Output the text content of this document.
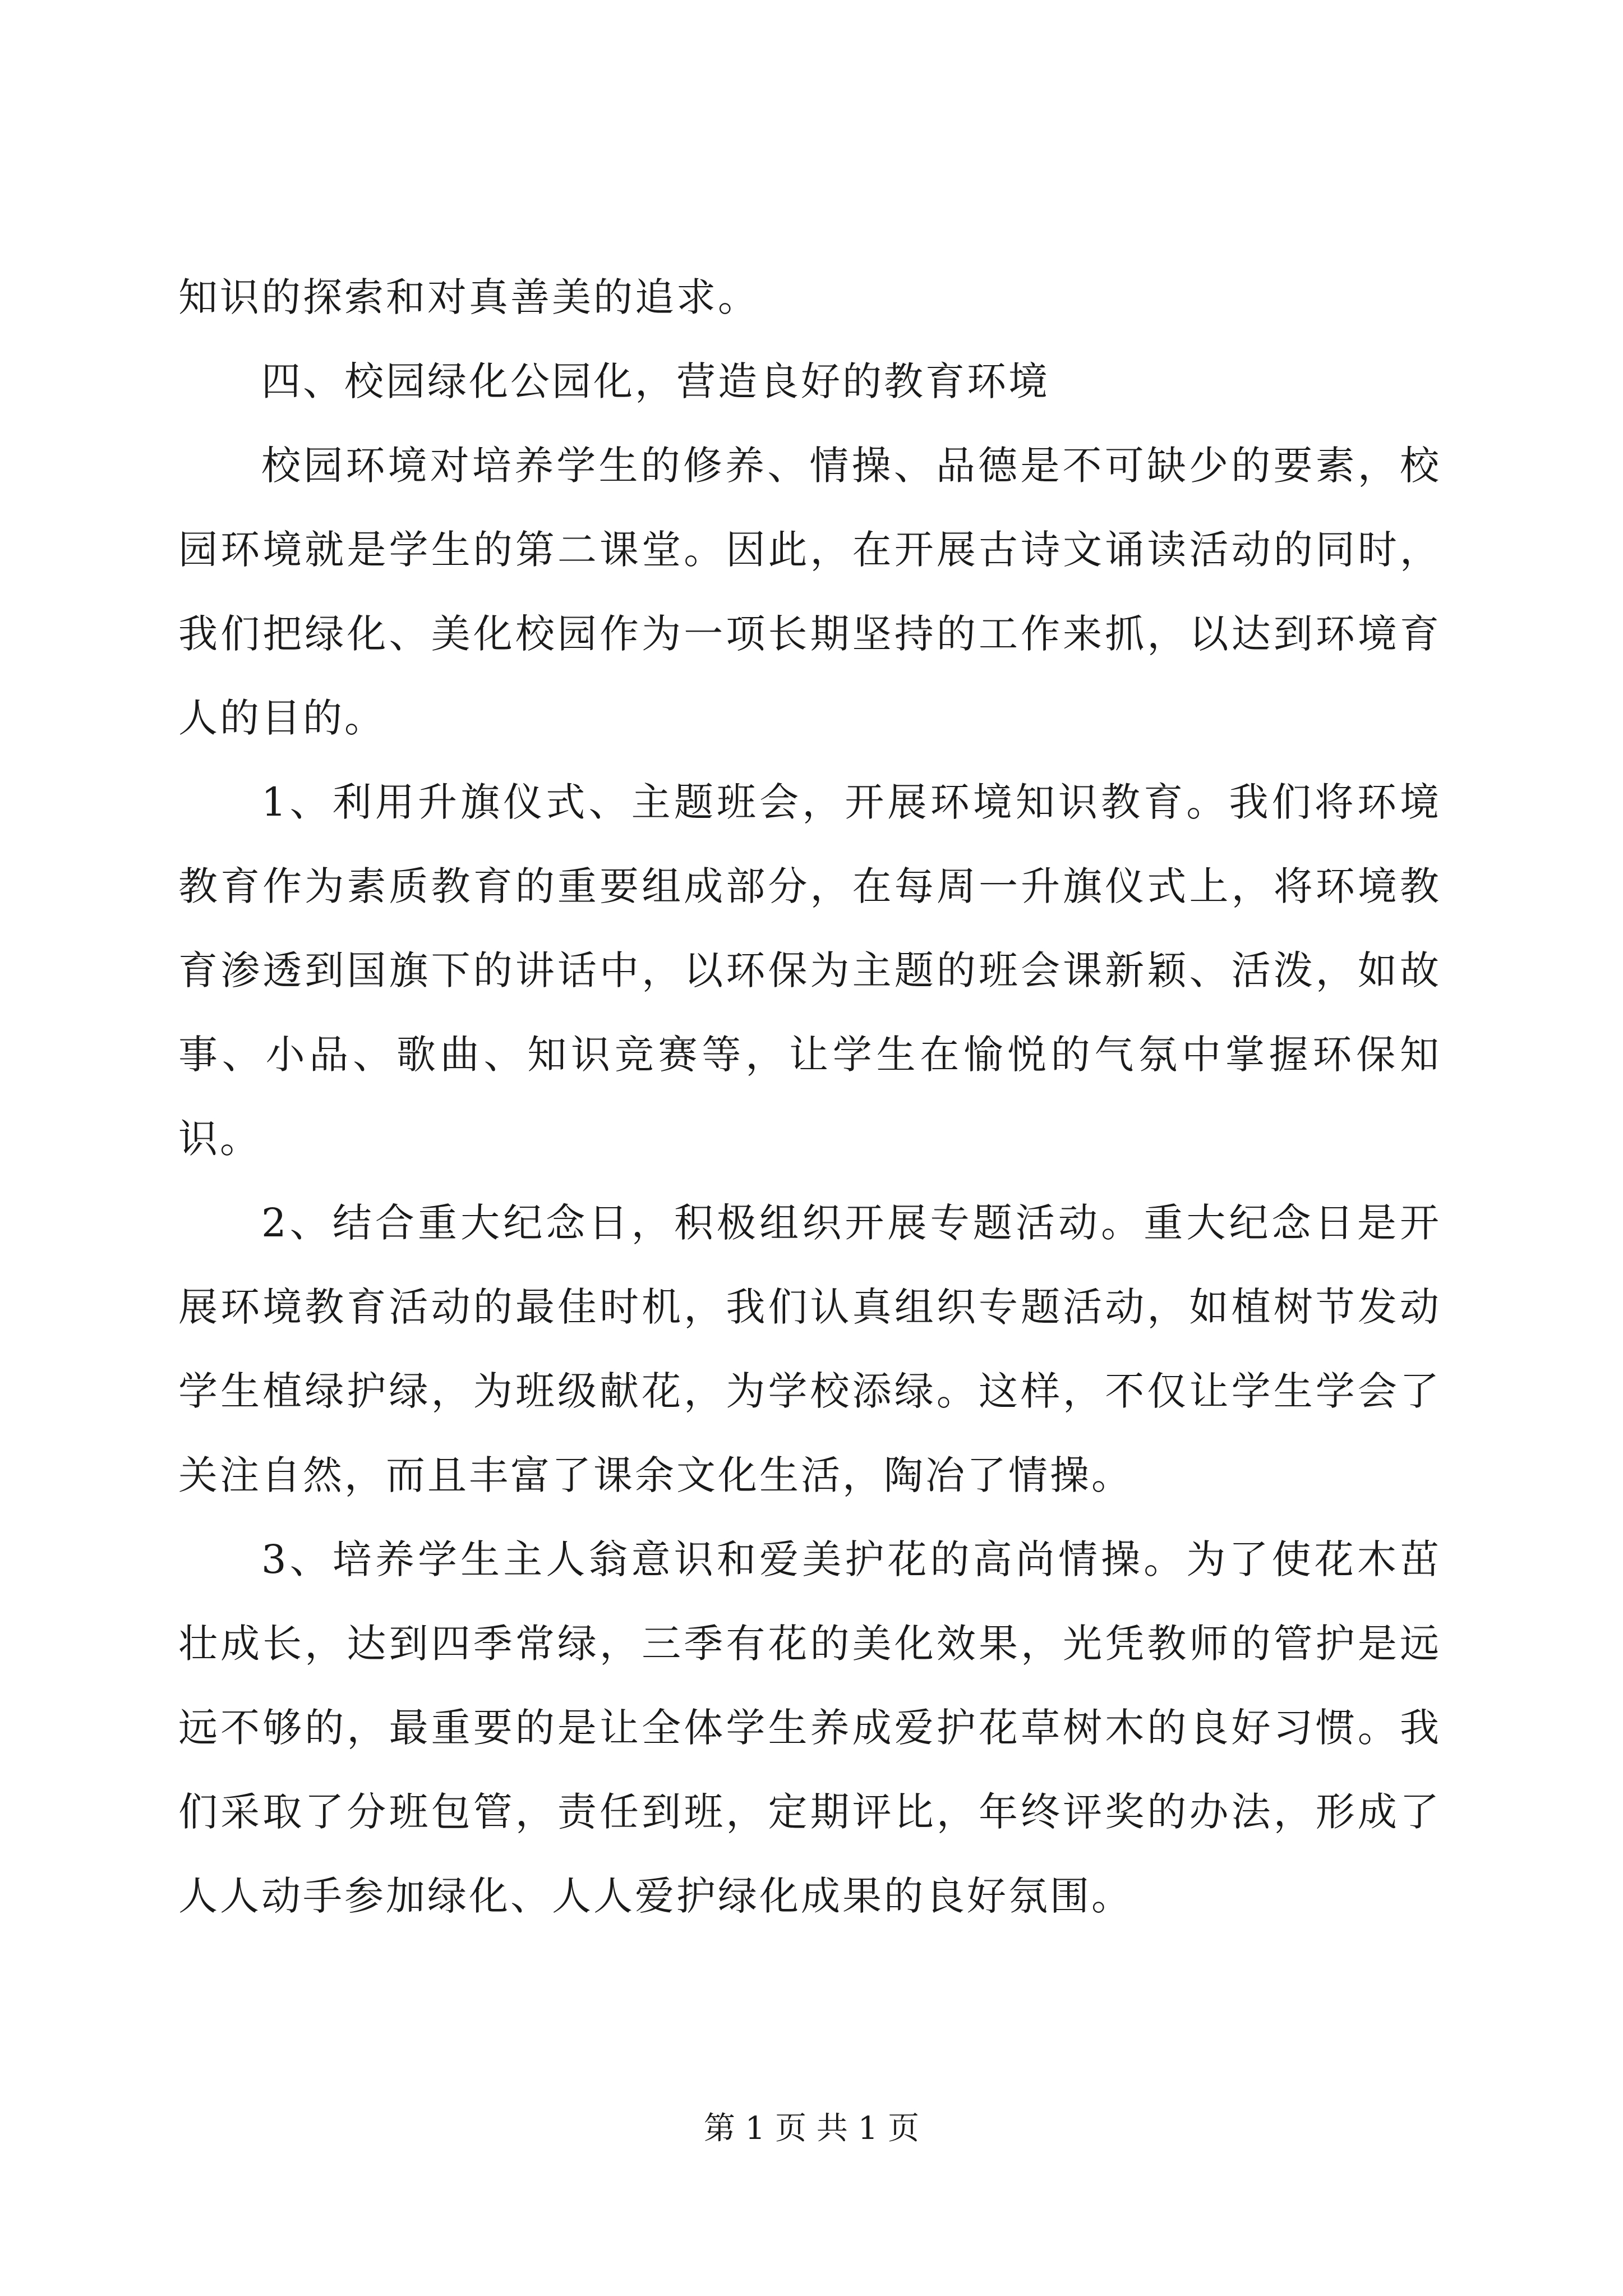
知识的探索和对真善美的追求。

四、校园绿化公园化，营造良好的教育环境

校园环境对培养学生的修养、情操、品德是不可缺少的要素，校园环境就是学生的第二课堂。因此，在开展古诗文诵读活动的同时，我们把绿化、美化校园作为一项长期坚持的工作来抓，以达到环境育人的目的。

1、利用升旗仪式、主题班会，开展环境知识教育。我们将环境教育作为素质教育的重要组成部分，在每周一升旗仪式上，将环境教育渗透到国旗下的讲话中，以环保为主题的班会课新颖、活泼，如故事、小品、歌曲、知识竞赛等，让学生在愉悦的气氛中掌握环保知识。

2、结合重大纪念日，积极组织开展专题活动。重大纪念日是开展环境教育活动的最佳时机，我们认真组织专题活动，如植树节发动学生植绿护绿，为班级献花，为学校添绿。这样，不仅让学生学会了关注自然，而且丰富了课余文化生活，陶冶了情操。

3、培养学生主人翁意识和爱美护花的高尚情操。为了使花木茁壮成长，达到四季常绿，三季有花的美化效果，光凭教师的管护是远远不够的，最重要的是让全体学生养成爱护花草树木的良好习惯。我们采取了分班包管，责任到班，定期评比，年终评奖的办法，形成了人人动手参加绿化、人人爱护绿化成果的良好氛围。

第 1 页 共 1 页
